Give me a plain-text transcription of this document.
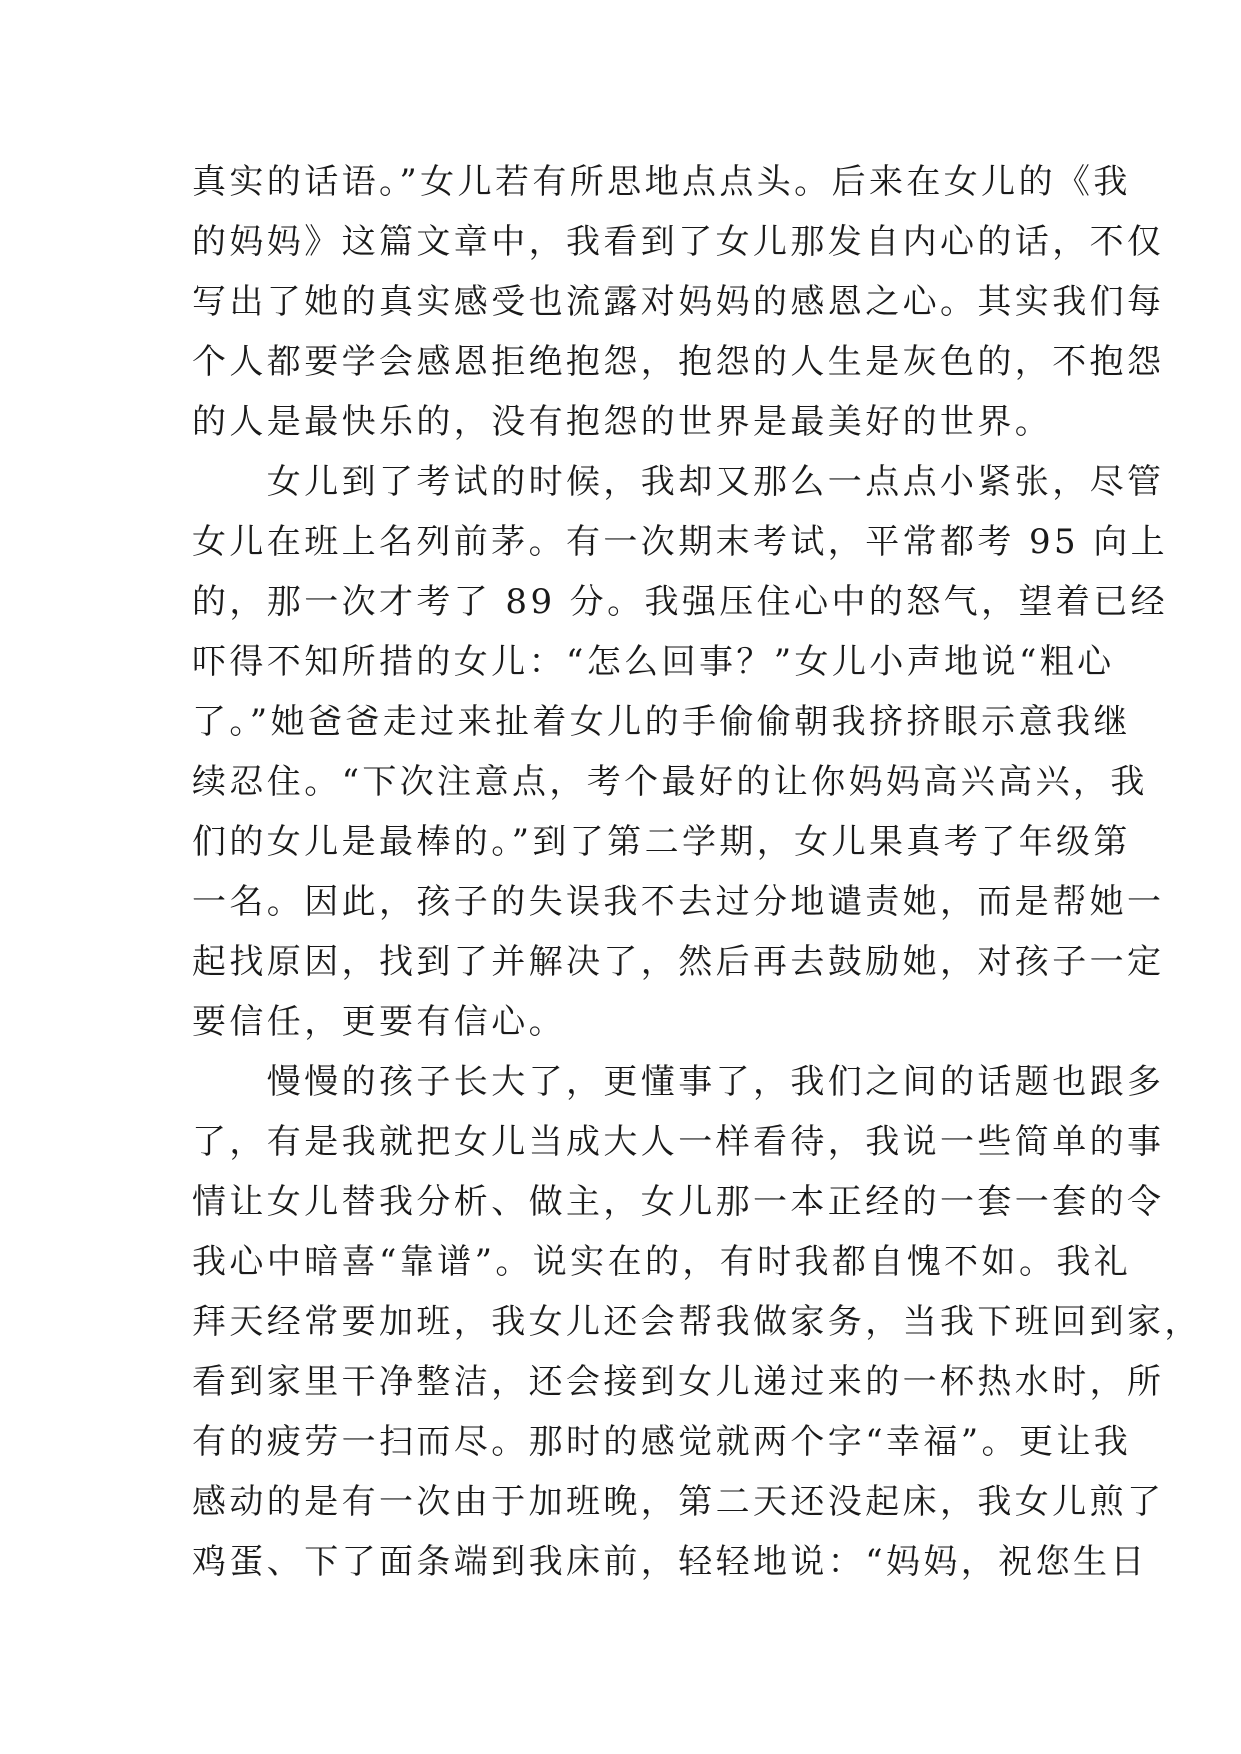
真实的话语。”女儿若有所思地点点头。后来在女儿的《我
的妈妈》这篇文章中，我看到了女儿那发自内心的话，不仅
写出了她的真实感受也流露对妈妈的感恩之心。其实我们每
个人都要学会感恩拒绝抱怨，抱怨的人生是灰色的，不抱怨
的人是最快乐的，没有抱怨的世界是最美好的世界。
　　女儿到了考试的时候，我却又那么一点点小紧张，尽管
女儿在班上名列前茅。有一次期末考试，平常都考 95 向上
的，那一次才考了 89 分。我强压住心中的怒气，望着已经
吓得不知所措的女儿：“怎么回事？”女儿小声地说“粗心
了。”她爸爸走过来扯着女儿的手偷偷朝我挤挤眼示意我继
续忍住。“下次注意点，考个最好的让你妈妈高兴高兴，我
们的女儿是最棒的。”到了第二学期，女儿果真考了年级第
一名。因此，孩子的失误我不去过分地谴责她，而是帮她一
起找原因，找到了并解决了，然后再去鼓励她，对孩子一定
要信任，更要有信心。
　　慢慢的孩子长大了，更懂事了，我们之间的话题也跟多
了，有是我就把女儿当成大人一样看待，我说一些简单的事
情让女儿替我分析、做主，女儿那一本正经的一套一套的令
我心中暗喜“靠谱”。说实在的，有时我都自愧不如。我礼
拜天经常要加班，我女儿还会帮我做家务，当我下班回到家，
看到家里干净整洁，还会接到女儿递过来的一杯热水时，所
有的疲劳一扫而尽。那时的感觉就两个字“幸福”。更让我
感动的是有一次由于加班晚，第二天还没起床，我女儿煎了
鸡蛋、下了面条端到我床前，轻轻地说：“妈妈，祝您生日
